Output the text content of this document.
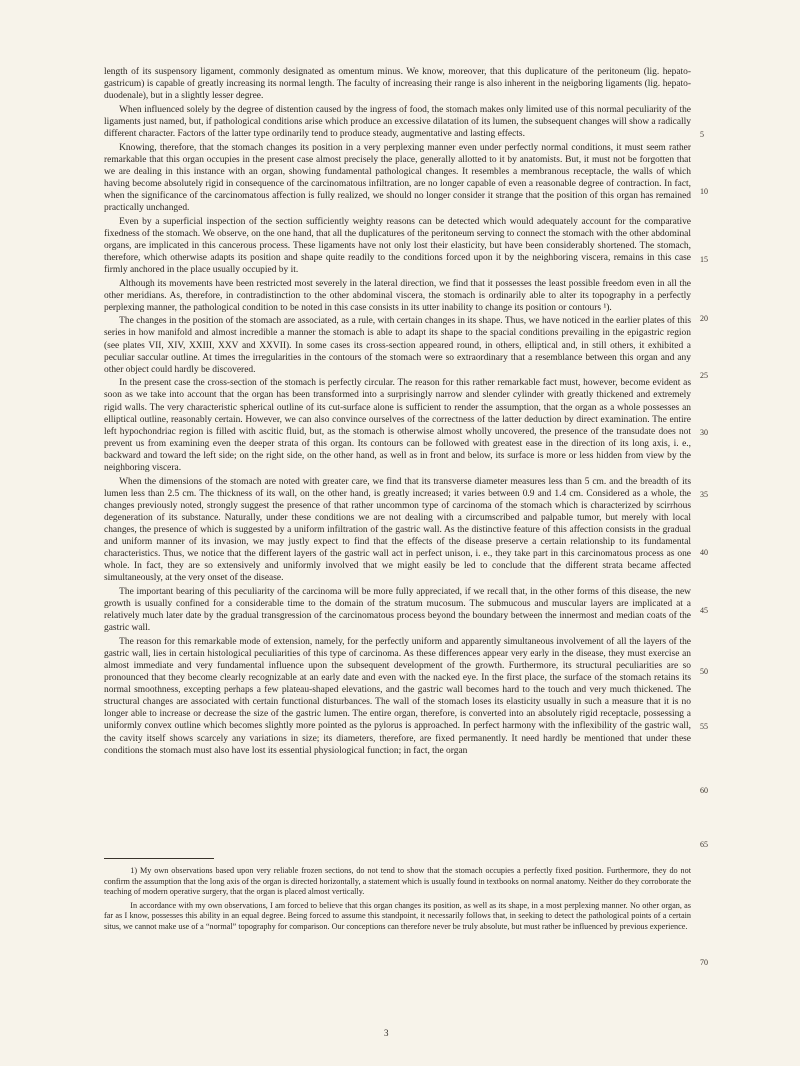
length of its suspensory ligament, commonly designated as omentum minus. We know, moreover, that this duplicature of the peritoneum (lig. hepato-gastricum) is capable of greatly increasing its normal length. The faculty of increasing their range is also inherent in the neigboring ligaments (lig. hepato-duodenale), but in a slightly lesser degree.

When influenced solely by the degree of distention caused by the ingress of food, the stomach makes only limited use of this normal peculiarity of the ligaments just named, but, if pathological conditions arise which produce an excessive dilatation of its lumen, the subsequent changes will show a radically different character. Factors of the latter type ordinarily tend to produce steady, augmentative and lasting effects.

Knowing, therefore, that the stomach changes its position in a very perplexing manner even under perfectly normal conditions, it must seem rather remarkable that this organ occupies in the present case almost precisely the place, generally allotted to it by anatomists. But, it must not be forgotten that we are dealing in this instance with an organ, showing fundamental pathological changes. It resembles a membranous receptacle, the walls of which having become absolutely rigid in consequence of the carcinomatous infiltration, are no longer capable of even a reasonable degree of contraction. In fact, when the significance of the carcinomatous affection is fully realized, we should no longer consider it strange that the position of this organ has remained practically unchanged.

Even by a superficial inspection of the section sufficiently weighty reasons can be detected which would adequately account for the comparative fixedness of the stomach. We observe, on the one hand, that all the duplicatures of the peritoneum serving to connect the stomach with the other abdominal organs, are implicated in this cancerous process. These ligaments have not only lost their elasticity, but have been considerably shortened. The stomach, therefore, which otherwise adapts its position and shape quite readily to the conditions forced upon it by the neighboring viscera, remains in this case firmly anchored in the place usually occupied by it.

Although its movements have been restricted most severely in the lateral direction, we find that it possesses the least possible freedom even in all the other meridians. As, therefore, in contradistinction to the other abdominal viscera, the stomach is ordinarily able to alter its topography in a perfectly perplexing manner, the pathological condition to be noted in this case consists in its utter inability to change its position or contours ¹).

The changes in the position of the stomach are associated, as a rule, with certain changes in its shape. Thus, we have noticed in the earlier plates of this series in how manifold and almost incredible a manner the stomach is able to adapt its shape to the spacial conditions prevailing in the epigastric region (see plates VII, XIV, XXIII, XXV and XXVII). In some cases its cross-section appeared round, in others, elliptical and, in still others, it exhibited a peculiar saccular outline. At times the irregularities in the contours of the stomach were so extraordinary that a resemblance between this organ and any other object could hardly be discovered.

In the present case the cross-section of the stomach is perfectly circular. The reason for this rather remarkable fact must, however, become evident as soon as we take into account that the organ has been transformed into a surprisingly narrow and slender cylinder with greatly thickened and extremely rigid walls. The very characteristic spherical outline of its cut-surface alone is sufficient to render the assumption, that the organ as a whole possesses an elliptical outline, reasonably certain. However, we can also convince ourselves of the correctness of the latter deduction by direct examination. The entire left hypochondriac region is filled with ascitic fluid, but, as the stomach is otherwise almost wholly uncovered, the presence of the transudate does not prevent us from examining even the deeper strata of this organ. Its contours can be followed with greatest ease in the direction of its long axis, i. e., backward and toward the left side; on the right side, on the other hand, as well as in front and below, its surface is more or less hidden from view by the neighboring viscera.

When the dimensions of the stomach are noted with greater care, we find that its transverse diameter measures less than 5 cm. and the breadth of its lumen less than 2.5 cm. The thickness of its wall, on the other hand, is greatly increased; it varies between 0.9 and 1.4 cm. Considered as a whole, the changes previously noted, strongly suggest the presence of that rather uncommon type of carcinoma of the stomach which is characterized by scirrhous degeneration of its substance. Naturally, under these conditions we are not dealing with a circumscribed and palpable tumor, but merely with local changes, the presence of which is suggested by a uniform infiltration of the gastric wall. As the distinctive feature of this affection consists in the gradual and uniform manner of its invasion, we may justly expect to find that the effects of the disease preserve a certain relationship to its fundamental characteristics. Thus, we notice that the different layers of the gastric wall act in perfect unison, i. e., they take part in this carcinomatous process as one whole. In fact, they are so extensively and uniformly involved that we might easily be led to conclude that the different strata became affected simultaneously, at the very onset of the disease.

The important bearing of this peculiarity of the carcinoma will be more fully appreciated, if we recall that, in the other forms of this disease, the new growth is usually confined for a considerable time to the domain of the stratum mucosum. The submucous and muscular layers are implicated at a relatively much later date by the gradual transgression of the carcinomatous process beyond the boundary between the innermost and median coats of the gastric wall.

The reason for this remarkable mode of extension, namely, for the perfectly uniform and apparently simultaneous involvement of all the layers of the gastric wall, lies in certain histological peculiarities of this type of carcinoma. As these differences appear very early in the disease, they must exercise an almost immediate and very fundamental influence upon the subsequent development of the growth. Furthermore, its structural peculiarities are so pronounced that they become clearly recognizable at an early date and even with the nacked eye. In the first place, the surface of the stomach retains its normal smoothness, excepting perhaps a few plateau-shaped elevations, and the gastric wall becomes hard to the touch and very much thickened. The structural changes are associated with certain functional disturbances. The wall of the stomach loses its elasticity usually in such a measure that it is no longer able to increase or decrease the size of the gastric lumen. The entire organ, therefore, is converted into an absolutely rigid receptacle, possessing a uniformly convex outline which becomes slightly more pointed as the pylorus is approached. In perfect harmony with the inflexibility of the gastric wall, the cavity itself shows scarcely any variations in size; its diameters, therefore, are fixed permanently. It need hardly be mentioned that under these conditions the stomach must also have lost its essential physiological function; in fact, the organ

5
10
15
20
25
30
35
40
45
50
55
60
65
70

1) My own observations based upon very reliable frozen sections, do not tend to show that the stomach occupies a perfectly fixed position. Furthermore, they do not confirm the assumption that the long axis of the organ is directed horizontally, a statement which is usually found in textbooks on normal anatomy. Neither do they corroborate the teaching of modern operative surgery, that the organ is placed almost vertically.

In accordance with my own observations, I am forced to believe that this organ changes its position, as well as its shape, in a most perplexing manner. No other organ, as far as I know, possesses this ability in an equal degree. Being forced to assume this standpoint, it necessarily follows that, in seeking to detect the pathological points of a certain situs, we cannot make use of a “normal” topography for comparison. Our conceptions can therefore never be truly absolute, but must rather be influenced by previous experience.

3
